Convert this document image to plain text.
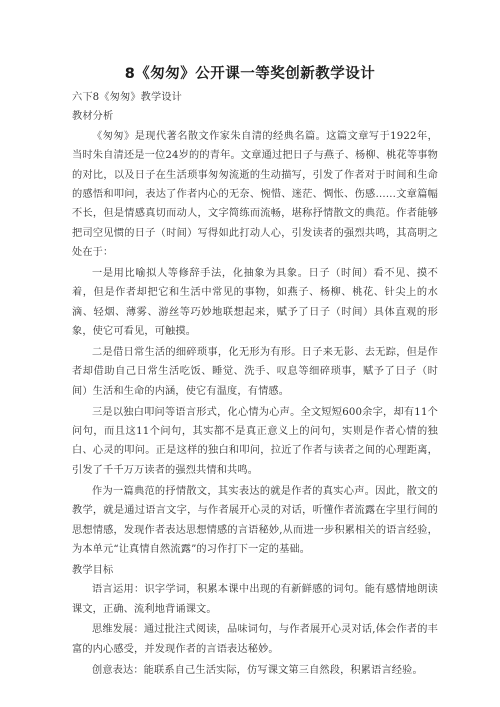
8《匆匆》公开课一等奖创新教学设计
六下8《匆匆》教学设计
教材分析
《匆匆》是现代著名散文作家朱自清的经典名篇。这篇文章写于1922年，当时朱自清还是一位24岁的的青年。文章通过把日子与燕子、杨柳、桃花等事物的对比，以及日子在生活琐事匆匆流逝的生动描写，引发了作者对于时间和生命的感悟和叩问，表达了作者内心的无奈、惋惜、迷茫、惆怅、伤感……文章篇幅不长，但是情感真切而动人，文字简练而流畅，堪称抒情散文的典范。作者能够把司空见惯的日子（时间）写得如此打动人心，引发读者的强烈共鸣，其高明之处在于：
一是用比喻拟人等修辞手法，化抽象为具象。日子（时间）看不见、摸不着，但是作者却把它和生活中常见的事物，如燕子、杨柳、桃花、针尖上的水滴、轻烟、薄雾、游丝等巧妙地联想起来，赋予了日子（时间）具体直观的形象，使它可看见，可触摸。
二是借日常生活的细碎琐事，化无形为有形。日子来无影、去无踪，但是作者却借助自己日常生活吃饭、睡觉、洗手、叹息等细碎琐事，赋予了日子（时间）生活和生命的内涵，使它有温度，有情感。
三是以独白叩问等语言形式，化心情为心声。全文短短600余字，却有11个问句，而且这11个问句，其实都不是真正意义上的问句，实则是作者心情的独白、心灵的叩问。正是这样的独白和叩问，拉近了作者与读者之间的心理距离，引发了千千万万读者的强烈共情和共鸣。
作为一篇典范的抒情散文，其实表达的就是作者的真实心声。因此，散文的教学，就是通过语言文字，与作者展开心灵的对话，听懂作者流露在字里行间的思想情感，发现作者表达思想情感的言语秘妙,从而进一步积累相关的语言经验，为本单元“让真情自然流露”的习作打下一定的基础。
教学目标
语言运用：识字学词，积累本课中出现的有新鲜感的词句。能有感情地朗读课文，正确、流利地背诵课文。
思维发展：通过批注式阅读，品味词句，与作者展开心灵对话,体会作者的丰富的内心感受，并发现作者的言语表达秘妙。
创意表达：能联系自己生活实际，仿写课文第三自然段，积累语言经验。
